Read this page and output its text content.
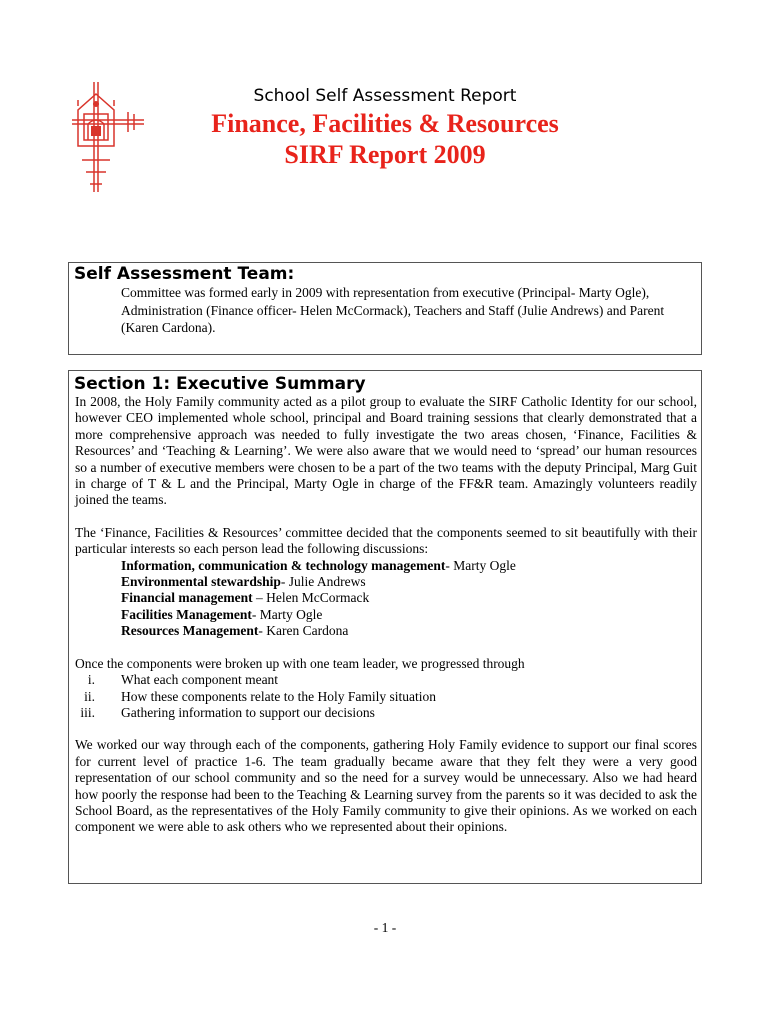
School Self Assessment Report
Finance, Facilities & Resources
SIRF Report 2009
Self Assessment Team:

Committee was formed early in 2009 with representation from executive (Principal- Marty Ogle), Administration (Finance officer- Helen McCormack), Teachers and Staff (Julie Andrews) and Parent (Karen Cardona).

Section 1: Executive Summary

In 2008, the Holy Family community acted as a pilot group to evaluate the SIRF Catholic Identity for our school, however CEO implemented whole school, principal and Board training sessions that clearly demonstrated that a more comprehensive approach was needed to fully investigate the two areas chosen, ‘Finance, Facilities & Resources’ and ‘Teaching & Learning’. We were also aware that we would need to ‘spread’ our human resources so a number of executive members were chosen to be a part of the two teams with the deputy Principal, Marg Guit in charge of T & L and the Principal, Marty Ogle in charge of the FF&R team. Amazingly volunteers readily joined the teams.

The ‘Finance, Facilities & Resources’ committee decided that the components seemed to sit beautifully with their particular interests so each person lead the following discussions:

Information, communication & technology management- Marty Ogle
Environmental stewardship- Julie Andrews
Financial management – Helen McCormack
Facilities Management- Marty Ogle
Resources Management- Karen Cardona

Once the components were broken up with one team leader, we progressed through

i.	What each component meant
ii.	How these components relate to the Holy Family situation
iii.	Gathering information to support our decisions

We worked our way through each of the components, gathering Holy Family evidence to support our final scores for current level of practice 1-6. The team gradually became aware that they felt they were a very good representation of our school community and so the need for a survey would be unnecessary. Also we had heard how poorly the response had been to the Teaching & Learning survey from the parents so it was decided to ask the School Board, as the representatives of the Holy Family community to give their opinions. As we worked on each component we were able to ask others who we represented about their opinions.

- 1 -
